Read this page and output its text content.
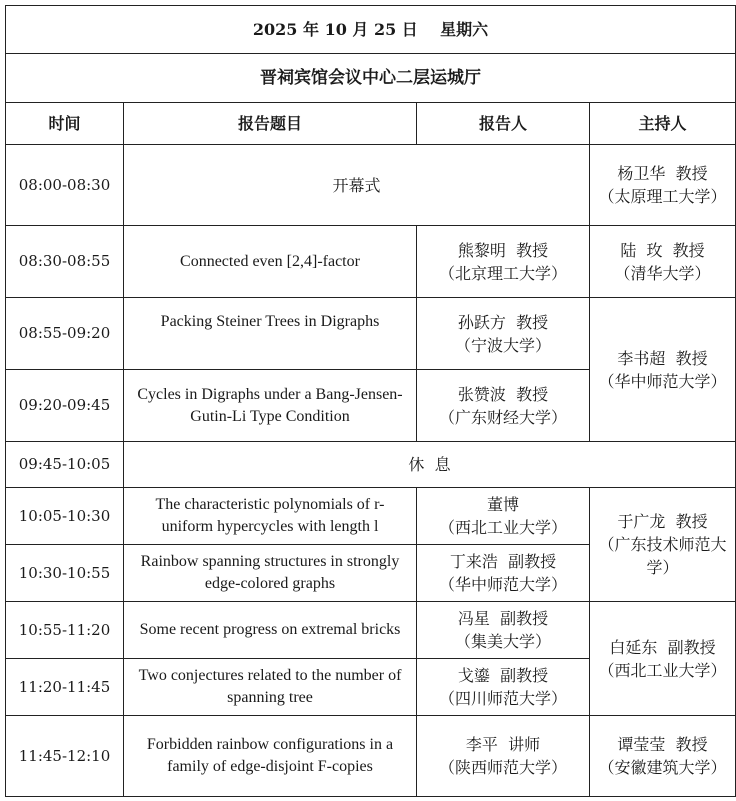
2025 年 10 月 25 日    星期六			
晋祠宾馆会议中心二层运城厅			
时间	报告题目	报告人	主持人
08:00-08:30	开幕式		杨卫华  教授
（太原理工大学）

08:30-08:55	Connected even [2,4]-factor	熊黎明  教授
（北京理工大学）	陆  玫  教授
（清华大学）

08:55-09:20	Packing Steiner Trees in Digraphs	孙跃方  教授
（宁波大学）	李书超  教授
（华中师范大学）

09:20-09:45	Cycles in Digraphs under a Bang-Jensen-Gutin-Li Type Condition	张赞波  教授
（广东财经大学）	

09:45-10:05	休  息		
10:05-10:30	The characteristic polynomials of r-uniform hypercycles with length l	董博
（西北工业大学）	于广龙  教授
（广东技术师范大学）

10:30-10:55	Rainbow spanning structures in strongly edge-colored graphs	丁来浩  副教授
（华中师范大学）	

10:55-11:20	Some recent progress on extremal bricks	冯星  副教授
（集美大学）	白延东  副教授
（西北工业大学）

11:20-11:45	Two conjectures related to the number of spanning tree	戈鎏  副教授
（四川师范大学）	

11:45-12:10	Forbidden rainbow configurations in a family of edge-disjoint F-copies	李平  讲师
（陕西师范大学）	谭莹莹  教授
（安徽建筑大学）
